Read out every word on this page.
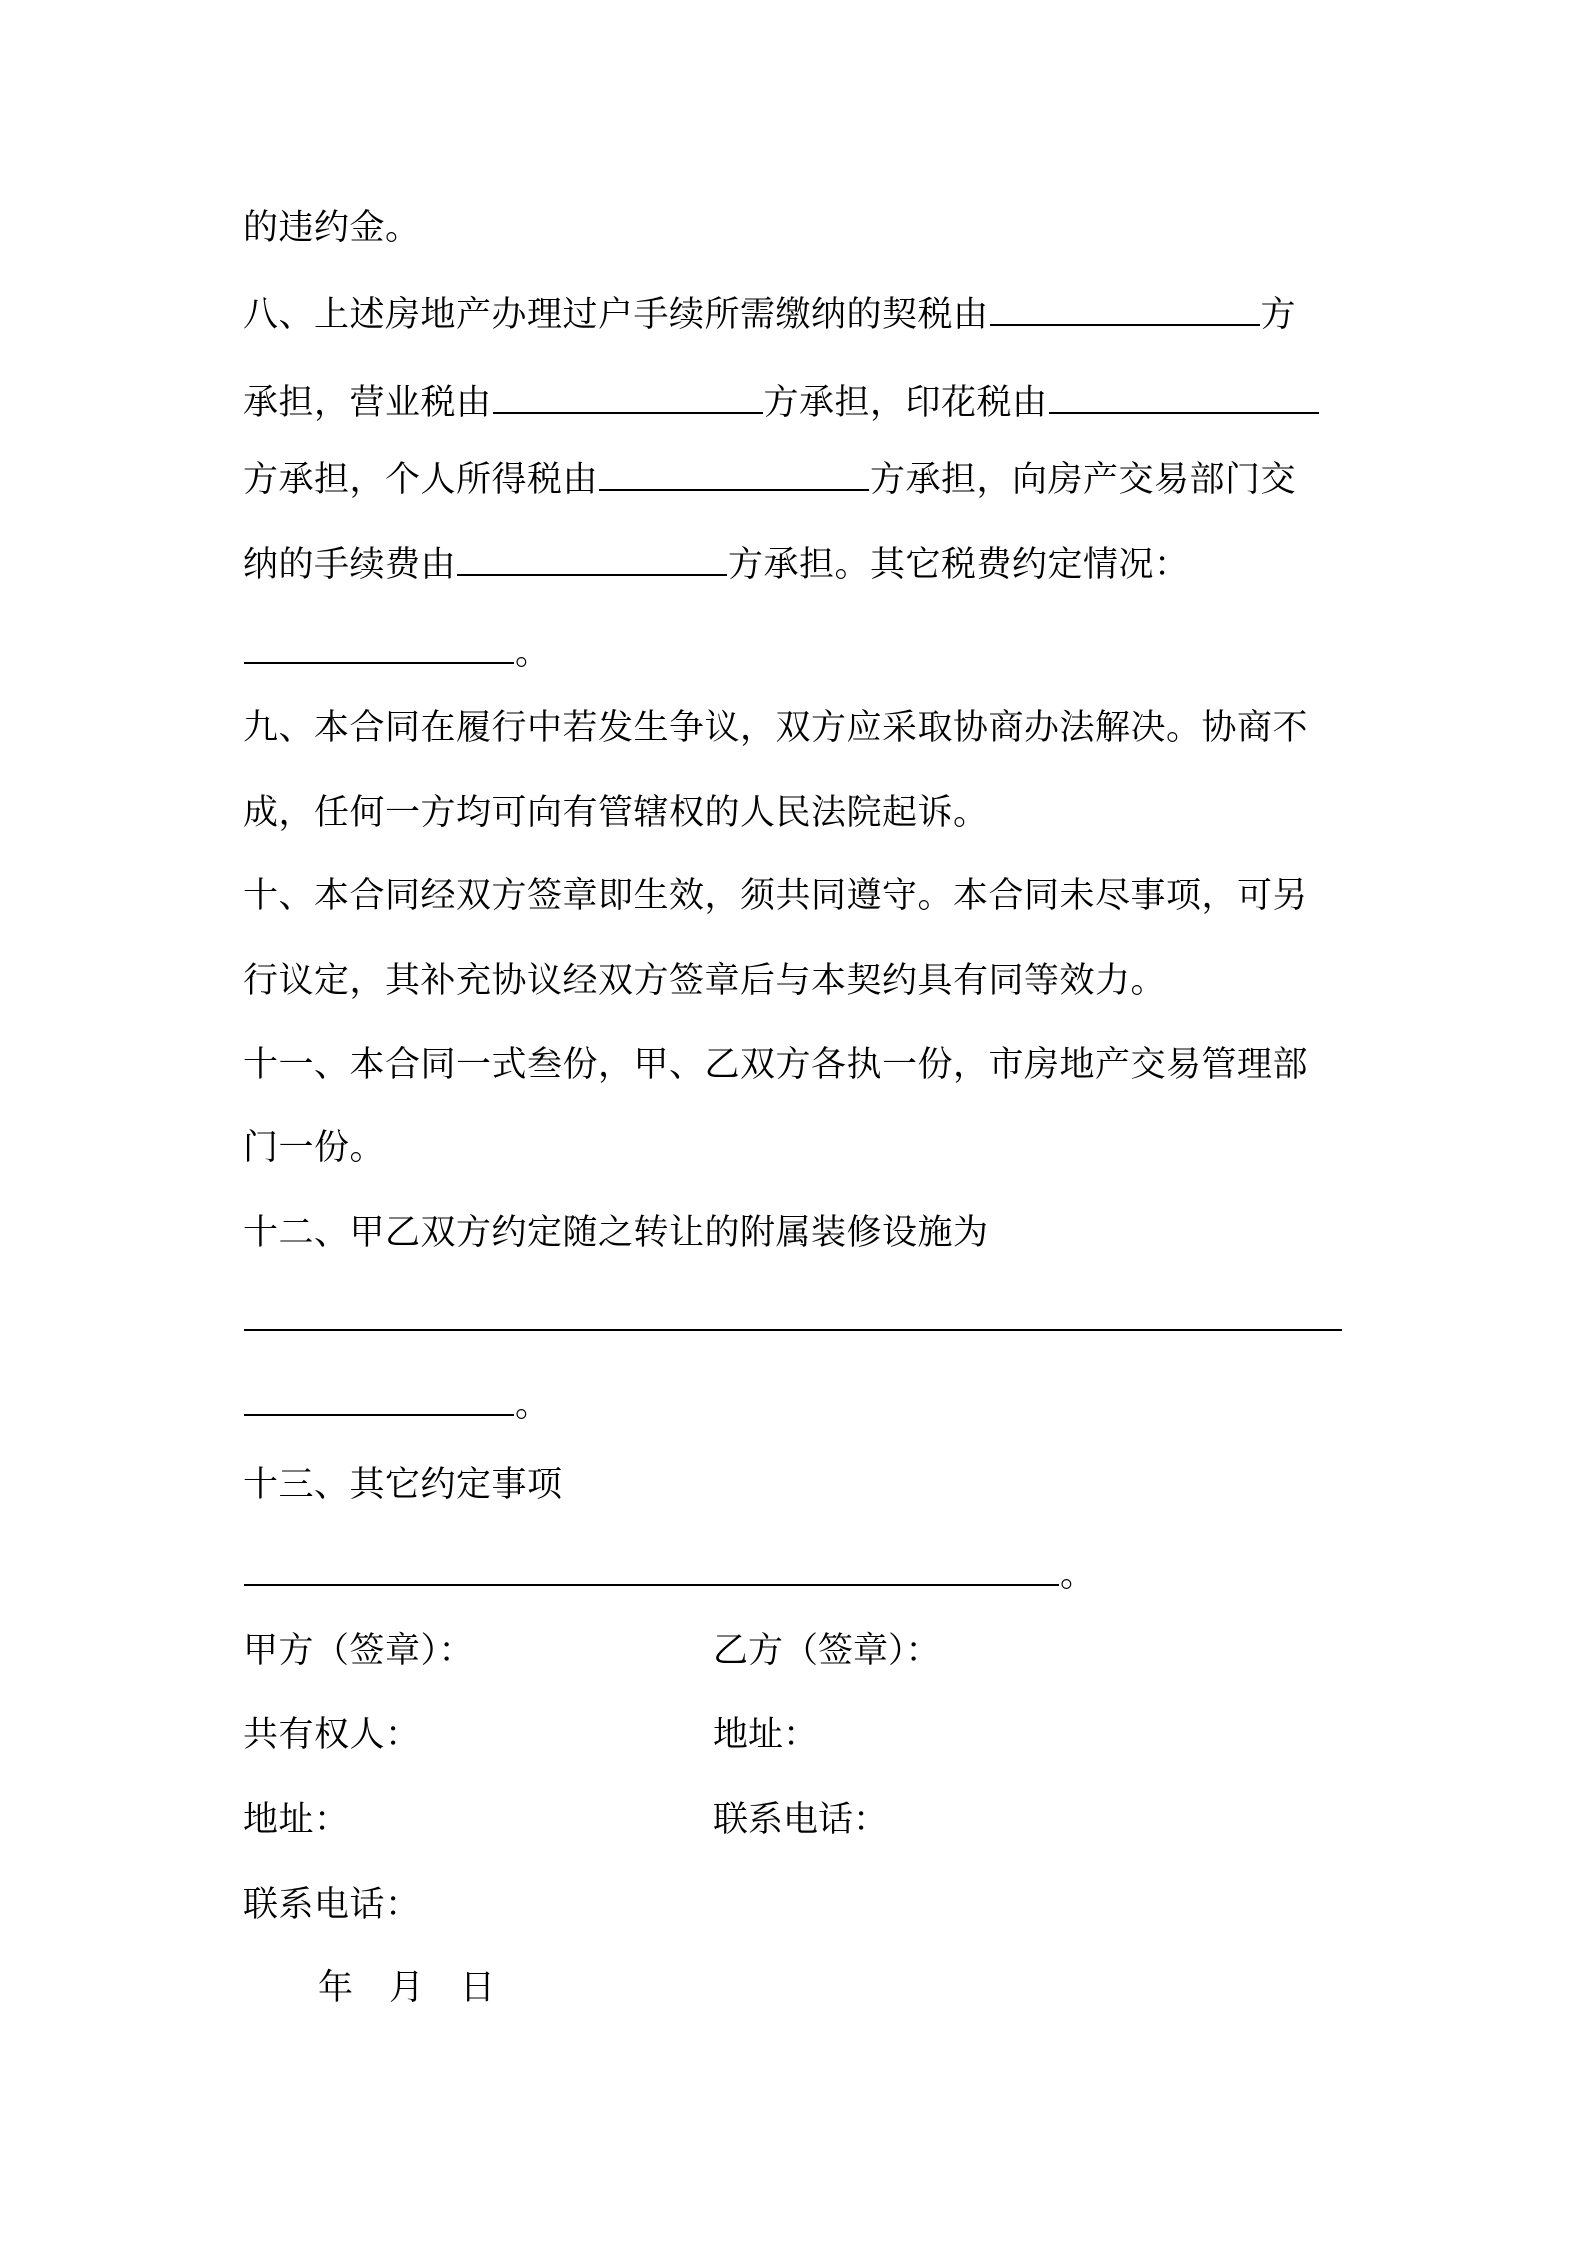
的违约金。
八、上述房地产办理过户手续所需缴纳的契税由	方
承担，营业税由	方承担，印花税由
方承担，个人所得税由	方承担，向房产交易部门交
纳的手续费由	方承担。其它税费约定情况：
。
九、本合同在履行中若发生争议，双方应采取协商办法解决。协商不
成，任何一方均可向有管辖权的人民法院起诉。
十、本合同经双方签章即生效，须共同遵守。本合同未尽事项，可另
行议定，其补充协议经双方签章后与本契约具有同等效力。
十一、本合同一式叁份，甲、乙双方各执一份，市房地产交易管理部
门一份。
十二、甲乙双方约定随之转让的附属装修设施为
。
十三、其它约定事项
。
甲方（签章）：	乙方（签章）：
共有权人：	地址：
地址：	联系电话：
联系电话：
年　月　日
